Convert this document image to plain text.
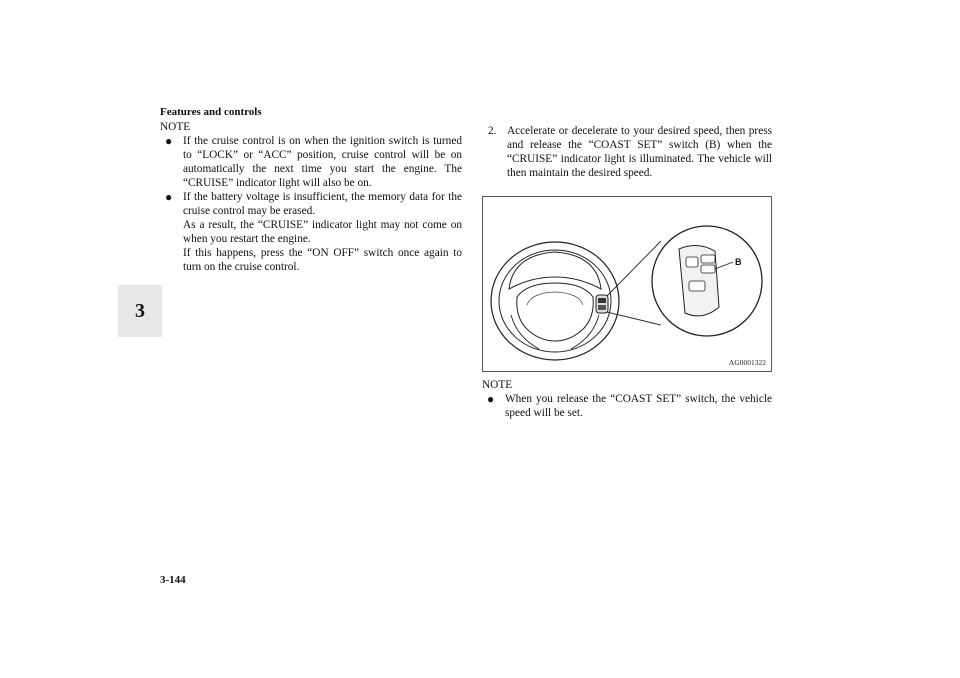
Features and controls
3
NOTE
● If the cruise control is on when the ignition switch is turned to “LOCK” or “ACC” position, cruise control will be on automatically the next time you start the engine. The “CRUISE” indicator light will also be on.
● If the battery voltage is insufficient, the memory data for the cruise control may be erased.
As a result, the “CRUISE” indicator light may not come on when you restart the engine.
If this happens, press the “ON OFF” switch once again to turn on the cruise control.
2. Accelerate or decelerate to your desired speed, then press and release the “COAST SET” switch (B) when the “CRUISE” indicator light is illuminated. The vehicle will then maintain the desired speed.
B
AG0001322
NOTE
● When you release the “COAST SET” switch, the vehicle speed will be set.
3-144
